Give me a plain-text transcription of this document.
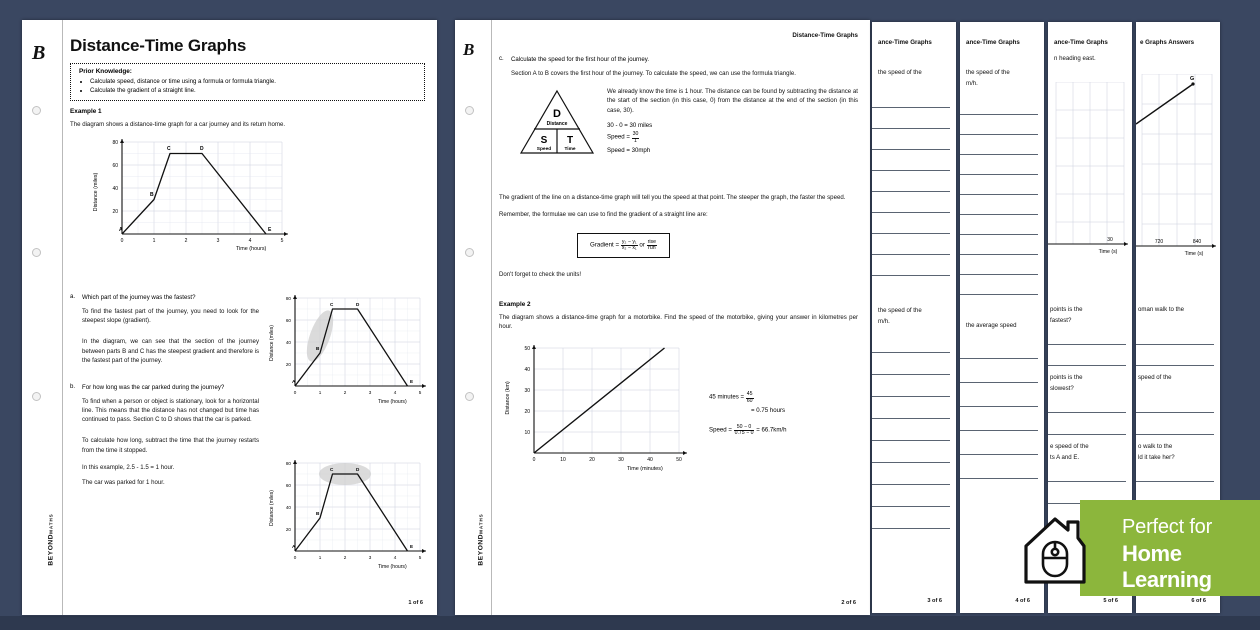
B
BEYONDMATHS
1 of 6
Distance-Time Graphs
Prior Knowledge:
• Calculate speed, distance or time using a formula or formula triangle.
• Calculate the gradient of a straight line.
Example 1

The diagram shows a distance-time graph for a car journey and its return home.

Distance (miles)
80
60
40
20
0	1	2	3	4	5
Time (hours)
A
B
C	D
E
a.	Which part of the journey was the fastest?

To find the fastest part of the journey, you need to look for the steepest slope (gradient).

In the diagram, we can see that the section of the journey between parts B and C has the steepest gradient and therefore is the fastest part of the journey.

b.	For how long was the car parked during the journey?

To find when a person or object is stationary, look for a horizontal line. This means that the distance has not changed but time has continued to pass. Section C to D shows that the car is parked.

To calculate how long, subtract the time that the journey restarts from the time it stopped.

In this example, 2.5 - 1.5 = 1 hour.

The car was parked for 1 hour.

Distance (miles)
80
60
40
20
0	1	2	3	4	5
Time (hours)
A
B
C	D
E
Distance (miles)
80
60
40
20
0	1	2	3	4	5
Time (hours)
A
B
C	D
E
B
BEYONDMATHS
Distance-Time Graphs
2 of 6
c.	Calculate the speed for the first hour of the journey.

Section A to B covers the first hour of the journey. To calculate the speed, we can use the formula triangle.

D
Distance
S
Speed
T
Time

We already know the time is 1 hour. The distance can be found by subtracting the distance at the start of the section (in this case, 0) from the distance at the end of the section (in this case, 30).

30 - 0 = 30 miles
Speed = $\frac{30}{1}$
Speed = 30mph

The gradient of the line on a distance-time graph will tell you the speed at that point. The steeper the graph, the faster the speed.

Remember, the formulae we can use to find the gradient of a straight line are:

Gradient = $\frac{\text{y₂ − y₁}}{\text{x₂ − x₁}}$ or $\frac{\text{rise}}{\text{run}}$

Don't forget to check the units!

Example 2

The diagram shows a distance-time graph for a motorbike. Find the speed of the motorbike, giving your answer in kilometres per hour.

Distance (km)
50
40
30
20
10
0	10	20	30	40	50
Time (minutes)
45 minutes = $\frac{45}{60}$
= 0.75 hours
Speed = $\frac{50 - 0}{0.75 - 0} = 66.7km/h$
ance-Time Graphs
the speed of the
the speed of the
m/h.
3 of 6
ance-Time Graphs
the speed of the
m/h.
the average speed
4 of 6
ance-Time Graphs
n heading east.
30
Time (s)
points is the
fastest?
points is the
slowest?
e speed of the
ts A and E.
5 of 6
e Graphs Answers
G
720	840
Time (s)
oman walk to the
speed of the
o walk to the
ld it take her?
6 of 6
Perfect for
Home Learning
